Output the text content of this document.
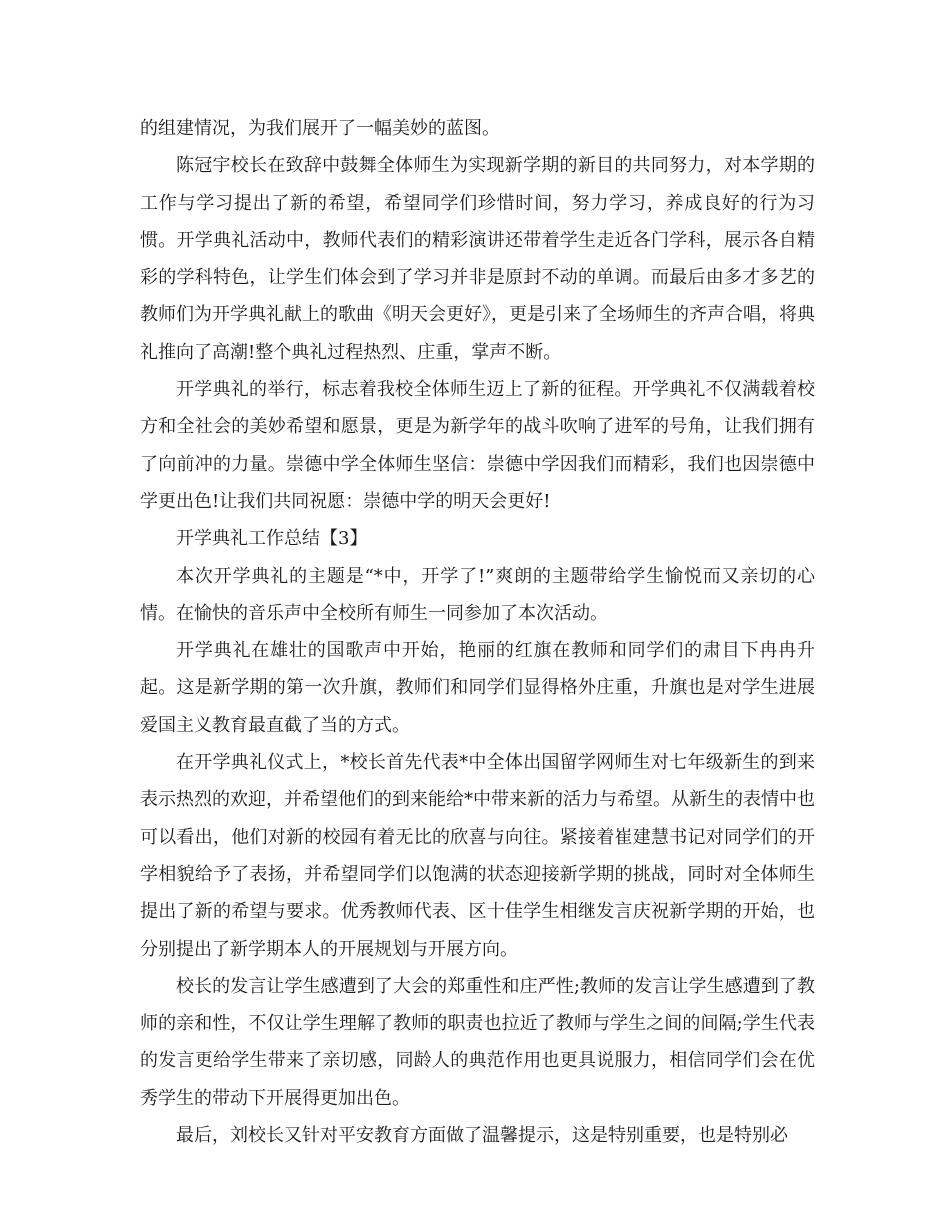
的组建情况，为我们展开了一幅美妙的蓝图。

陈冠宇校长在致辞中鼓舞全体师生为实现新学期的新目的共同努力，对本学期的工作与学习提出了新的希望，希望同学们珍惜时间，努力学习，养成良好的行为习惯。开学典礼活动中，教师代表们的精彩演讲还带着学生走近各门学科，展示各自精彩的学科特色，让学生们体会到了学习并非是原封不动的单调。而最后由多才多艺的教师们为开学典礼献上的歌曲《明天会更好》，更是引来了全场师生的齐声合唱，将典礼推向了高潮!整个典礼过程热烈、庄重，掌声不断。

开学典礼的举行，标志着我校全体师生迈上了新的征程。开学典礼不仅满载着校方和全社会的美妙希望和愿景，更是为新学年的战斗吹响了进军的号角，让我们拥有了向前冲的力量。崇德中学全体师生坚信：崇德中学因我们而精彩，我们也因崇德中学更出色!让我们共同祝愿：崇德中学的明天会更好!

开学典礼工作总结【3】

本次开学典礼的主题是“*中，开学了!”爽朗的主题带给学生愉悦而又亲切的心情。在愉快的音乐声中全校所有师生一同参加了本次活动。

开学典礼在雄壮的国歌声中开始，艳丽的红旗在教师和同学们的肃目下冉冉升起。这是新学期的第一次升旗，教师们和同学们显得格外庄重，升旗也是对学生进展爱国主义教育最直截了当的方式。

在开学典礼仪式上，*校长首先代表*中全体出国留学网师生对七年级新生的到来表示热烈的欢迎，并希望他们的到来能给*中带来新的活力与希望。从新生的表情中也可以看出，他们对新的校园有着无比的欣喜与向往。紧接着崔建慧书记对同学们的开学相貌给予了表扬，并希望同学们以饱满的状态迎接新学期的挑战，同时对全体师生提出了新的希望与要求。优秀教师代表、区十佳学生相继发言庆祝新学期的开始，也分别提出了新学期本人的开展规划与开展方向。

校长的发言让学生感遭到了大会的郑重性和庄严性;教师的发言让学生感遭到了教师的亲和性，不仅让学生理解了教师的职责也拉近了教师与学生之间的间隔;学生代表的发言更给学生带来了亲切感，同龄人的典范作用也更具说服力，相信同学们会在优秀学生的带动下开展得更加出色。

最后，刘校长又针对平安教育方面做了温馨提示，这是特别重要，也是特别必
